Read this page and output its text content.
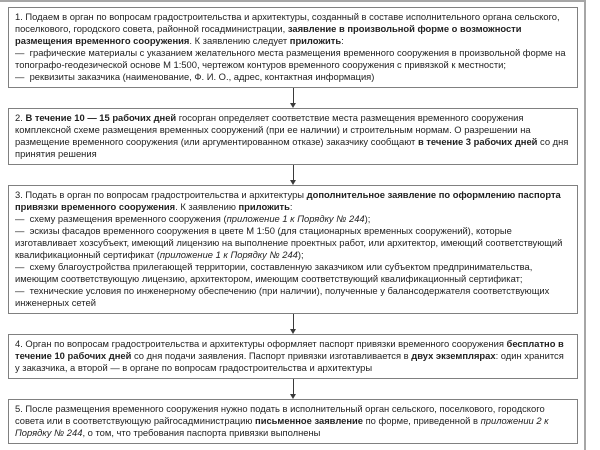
1. Подаем в орган по вопросам градостроительства и архитектуры, созданный в составе исполнительного органа сельского, поселкового, городского совета, районной госадминистрации, заявление в произвольной форме о возможности размещения временного сооружения. К заявлению следует приложить:

—  графические материалы с указанием желательного места размещения временного сооружения в произвольной форме на топографо-геодезической основе М 1:500, чертежом контуров временного сооружения с привязкой к местности;

—  реквизиты заказчика (наименование, Ф. И. О., адрес, контактная информация)

2. В течение 10 — 15 рабочих дней госорган определяет соответствие места размещения временного сооружения комплексной схеме размещения временных сооружений (при ее наличии) и строительным нормам. О разрешении на размещение временного сооружения (или аргументированном отказе) заказчику сообщают в течение 3 рабочих дней со дня принятия решения

3. Подать в орган по вопросам градостроительства и архитектуры дополнительное заявление по оформлению паспорта привязки временного сооружения. К заявлению приложить:

—  схему размещения временного сооружения (приложение 1 к Порядку № 244);

—  эскизы фасадов временного сооружения в цвете М 1:50 (для стационарных временных сооружений), которые изготавливает хозсубъект, имеющий лицензию на выполнение проектных работ, или архитектор, имеющий соответствующий квалификационный сертификат (приложение 1 к Порядку № 244);

—  схему благоустройства прилегающей территории, составленную заказчиком или субъектом предпринимательства, имеющим соответствующую лицензию, архитектором, имеющим соответствующий квалификационный сертификат;

—  технические условия по инженерному обеспечению (при наличии), полученные у балансодержателя соответствующих инженерных сетей

4. Орган по вопросам градостроительства и архитектуры оформляет паспорт привязки временного сооружения бесплатно в течение 10 рабочих дней со дня подачи заявления. Паспорт привязки изготавливается в двух экземплярах: один хранится у заказчика, а второй — в органе по вопросам градостроительства и архитектуры

5. После размещения временного сооружения нужно подать в исполнительный орган сельского, поселкового, городского совета или в соответствующую райгосадминистрацию письменное заявление по форме, приведенной в приложении 2 к Порядку № 244, о том, что требования паспорта привязки выполнены
